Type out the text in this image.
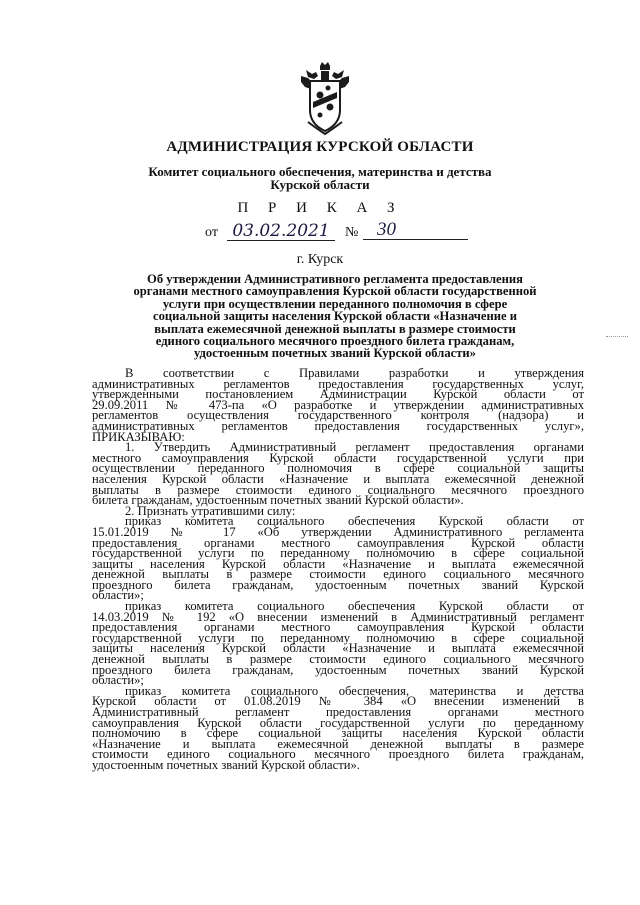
АДМИНИСТРАЦИЯ КУРСКОЙ ОБЛАСТИ
Комитет социального обеспечения, материнства и детства
Курской области
П Р И К А З
от 03.02.2021	№ 30
г. Курск
Об утверждении Административного регламента предоставления
органами местного самоуправления Курской области государственной
услуги при осуществлении переданного полномочия в сфере
социальной защиты населения Курской области «Назначение и
выплата ежемесячной денежной выплаты в размере стоимости
единого социального месячного проездного билета гражданам,
удостоенным почетных званий Курской области»
В соответствии с Правилами разработки и утверждения
административных регламентов предоставления государственных услуг,
утвержденными постановлением Администрации Курской области от
29.09.2011 № 473-па «О разработке и утверждении административных
регламентов осуществления государственного контроля (надзора) и
административных регламентов предоставления государственных услуг»,
ПРИКАЗЫВАЮ:
1. Утвердить Административный регламент предоставления органами
местного самоуправления Курской области государственной услуги при
осуществлении переданного полномочия в сфере социальной защиты
населения Курской области «Назначение и выплата ежемесячной денежной
выплаты в размере стоимости единого социального месячного проездного
билета гражданам, удостоенным почетных званий Курской области».
2. Признать утратившими силу:
приказ комитета социального обеспечения Курской области от
15.01.2019 № 17 «Об утверждении Административного регламента
предоставления органами местного самоуправления Курской области
государственной услуги по переданному полномочию в сфере социальной
защиты населения Курской области «Назначение и выплата ежемесячной
денежной выплаты в размере стоимости единого социального месячного
проездного билета гражданам, удостоенным почетных званий Курской
области»;
приказ комитета социального обеспечения Курской области от
14.03.2019 № 192 «О внесении изменений в Административный регламент
предоставления органами местного самоуправления Курской области
государственной услуги по переданному полномочию в сфере социальной
защиты населения Курской области «Назначение и выплата ежемесячной
денежной выплаты в размере стоимости единого социального месячного
проездного билета гражданам, удостоенным почетных званий Курской
области»;
приказ комитета социального обеспечения, материнства и детства
Курской области от 01.08.2019 № 384 «О внесении изменений в
Административный регламент предоставления органами местного
самоуправления Курской области государственной услуги по переданному
полномочию в сфере социальной защиты населения Курской области
«Назначение и выплата ежемесячной денежной выплаты в размере
стоимости единого социального месячного проездного билета гражданам,
удостоенным почетных званий Курской области».
